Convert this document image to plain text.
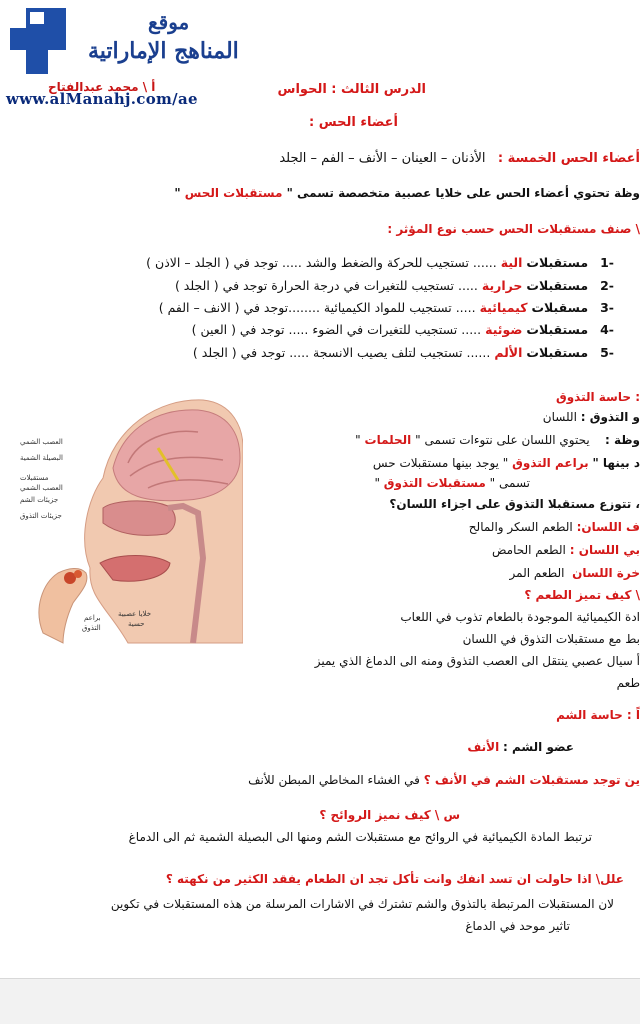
موقع
المناهج الإماراتية
أ \ محمد عبدالفتاح
www.alManahj.com/ae
الدرس الثالث : الحواس
أعضاء الحس :
أعضاء الحس الخمسة :   الأذنان – العينان – الأنف – الفم – الجلد
وظة تحتوي أعضاء الحس على خلايا عصبية متخصصة تسمى " مستقبلات الحس "
\ صنف مستقبلات الحس حسب نوع المؤثر :
-1 مستقبلات الية ...... تستجيب للحركة والضغط والشد ..... توجد في ( الجلد – الاذن )
-2 مستقبلات حرارية ..... تستجيب للتغيرات في درجة الحرارة توجد في ( الجلد )
-3 مسقبلات كيميائية ..... تستجيب للمواد الكيميائية ........توجد في ( الانف – الفم )
-4 مستقبلات ضوئية ..... تستجيب للتغيرات في الضوء ..... توجد في ( العين )
-5 مستقبلات الألم ...... تستجيب لتلف يصيب الانسجة ..... توجد في ( الجلد )
العصب الشمي
البصيلة الشمية
مستقبلات
العصب الشمي
جزيئات الشم
جزيئات التذوق
خلايا عصبية
حسية
براعم
التذوق
: حاسة التذوق
و التذوق : اللسان
وظة :    يحتوي اللسان على نتوءات تسمى " الحلمات "
د بينها " براعم التذوق " يوجد بينها مستقبلات حس
تسمى " مستقبلات التذوق "
، تتوزع مستقبلا التذوق على اجزاء اللسان؟
ف اللسان: الطعم السكر والمالح
بي اللسان : الطعم الحامض
خرة اللسان  الطعم المر
\ كيف تميز الطعم ؟
ادة الكيميائية الموجودة بالطعام تذوب في اللعاب
بط مع مستقبلات التذوق في اللسان
أ سيال عصبي ينتقل الى العصب التذوق ومنه الى الدماغ الذي يميز
طعم
اً : حاسة الشم
عضو الشم : الأنف
ين توجد مستقبلات الشم في الأنف ؟ في الغشاء المخاطي المبطن للأنف
س \ كيف نميز الروائح ؟
ترتبط المادة الكيميائية في الروائح مع مستقبلات الشم ومنها الى البصيلة الشمية ثم الى الدماغ
علل\ اذا حاولت ان تسد انفك وانت تأكل تجد ان الطعام يفقد الكثير من نكهته ؟
لان المستقبلات المرتبطة بالتذوق والشم تشترك في الاشارات المرسلة من هذه المستقبلات في تكوين
تاثير موحد في الدماغ
